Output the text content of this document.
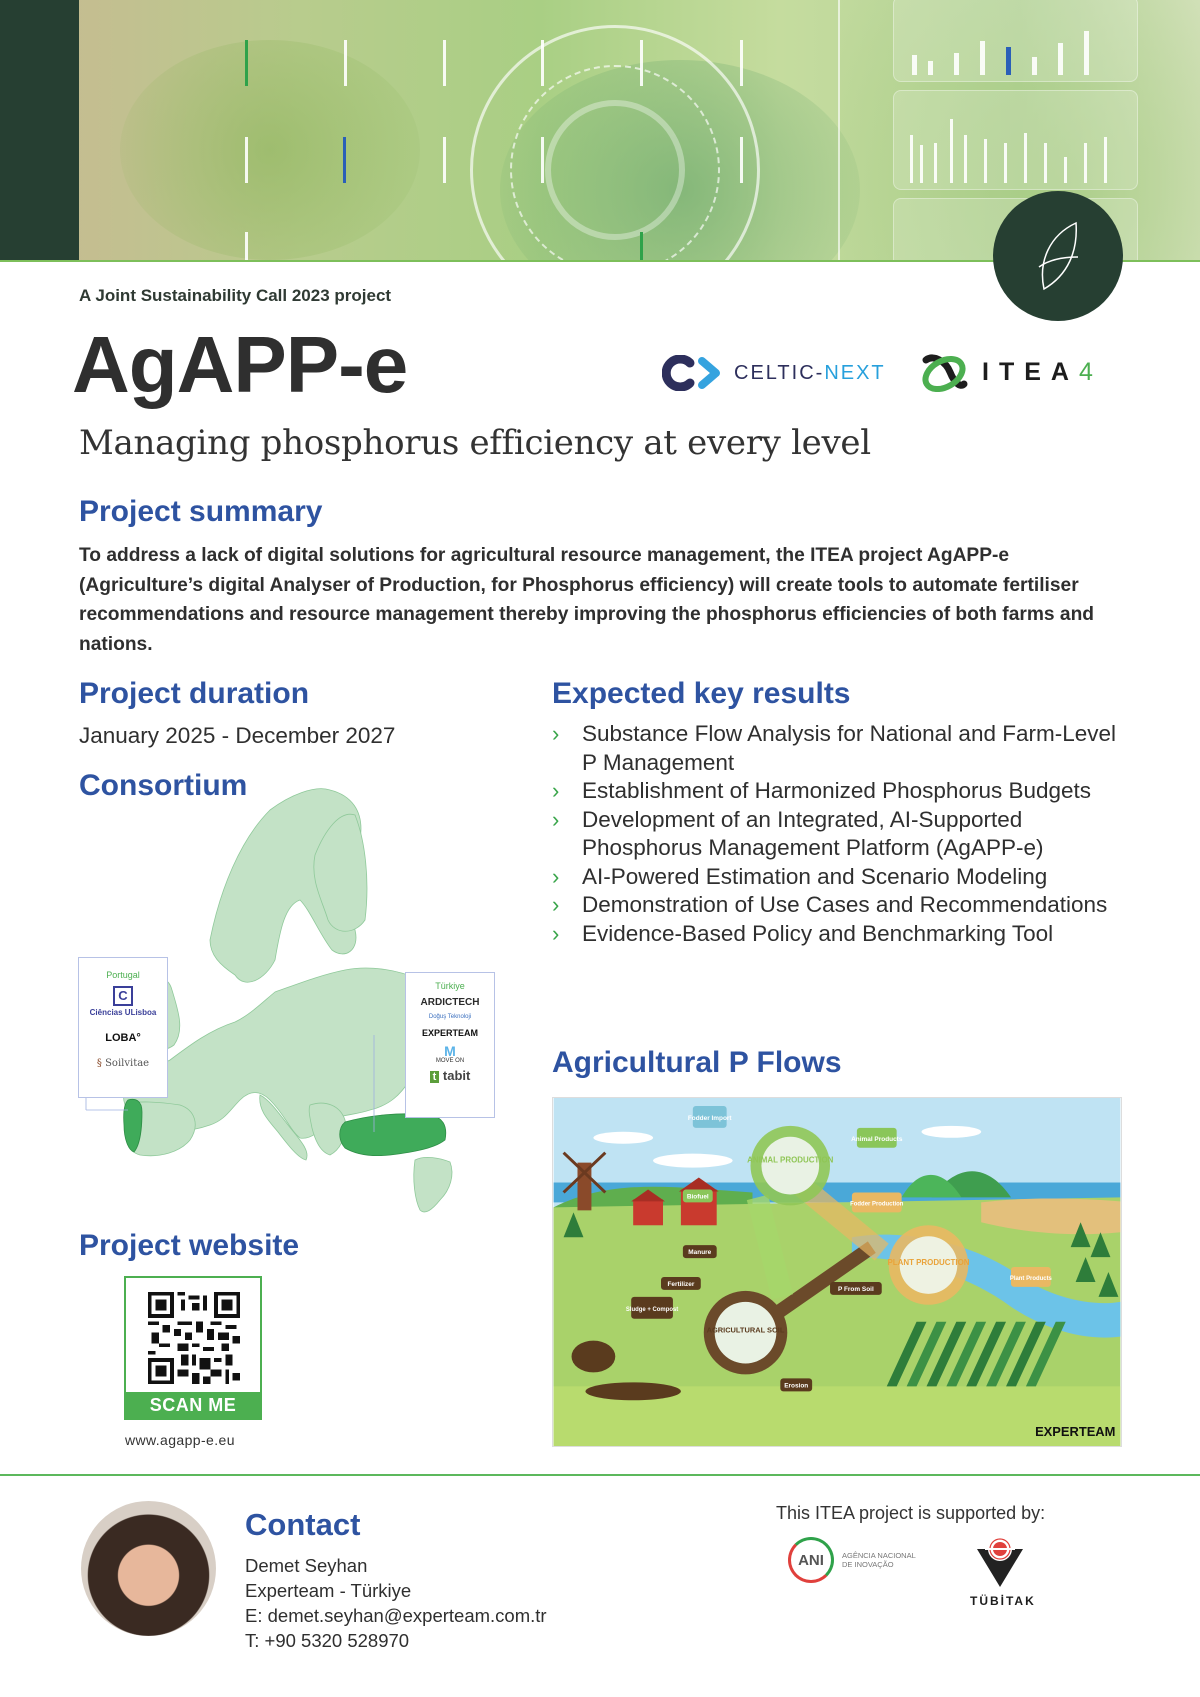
A Joint Sustainability Call 2023 project
AgAPP-e
Managing phosphorus efficiency at every level
CELTIC-NEXT	ITEA4
Project summary

To address a lack of digital solutions for agricultural resource management, the ITEA project AgAPP-e (Agriculture’s digital Analyser of Production, for Phosphorus efficiency) will create tools to automate fertiliser recommendations and resource management thereby improving the phosphorus efficiencies of both farms and nations.

Project duration
January 2025 - December 2027
Consortium
Portugal
C
Ciências ULisboa
LOBA°
§ Soilvitae
Türkiye
ARDICTECH
Doğuş Teknoloji
EXPERTEAM
M
MOVE ON
t tabit
Expected key results
› Substance Flow Analysis for National and Farm-Level P Management
› Establishment of Harmonized Phosphorus Budgets
› Development of an Integrated, AI-Supported Phosphorus Management Platform (AgAPP-e)
› AI-Powered Estimation and Scenario Modeling
› Demonstration of Use Cases and Recommendations
› Evidence-Based Policy and Benchmarking Tool
Agricultural P Flows
ANIMAL PRODUCTION
PLANT PRODUCTION
AGRICULTURAL SOIL
Fodder Import
Animal Products
Biofuel
Fodder Production
Manure
Fertilizer
Sludge + Compost
P From Soil
Plant Products
Erosion
EXPERTEAM
Project website
SCAN ME
www.agapp-e.eu
Contact
Demet Seyhan
Experteam - Türkiye
E: demet.seyhan@experteam.com.tr
T: +90 5320 528970
This ITEA project is supported by:
ANI	AGÊNCIA NACIONAL
DE INOVAÇÃO
TÜBİTAK
